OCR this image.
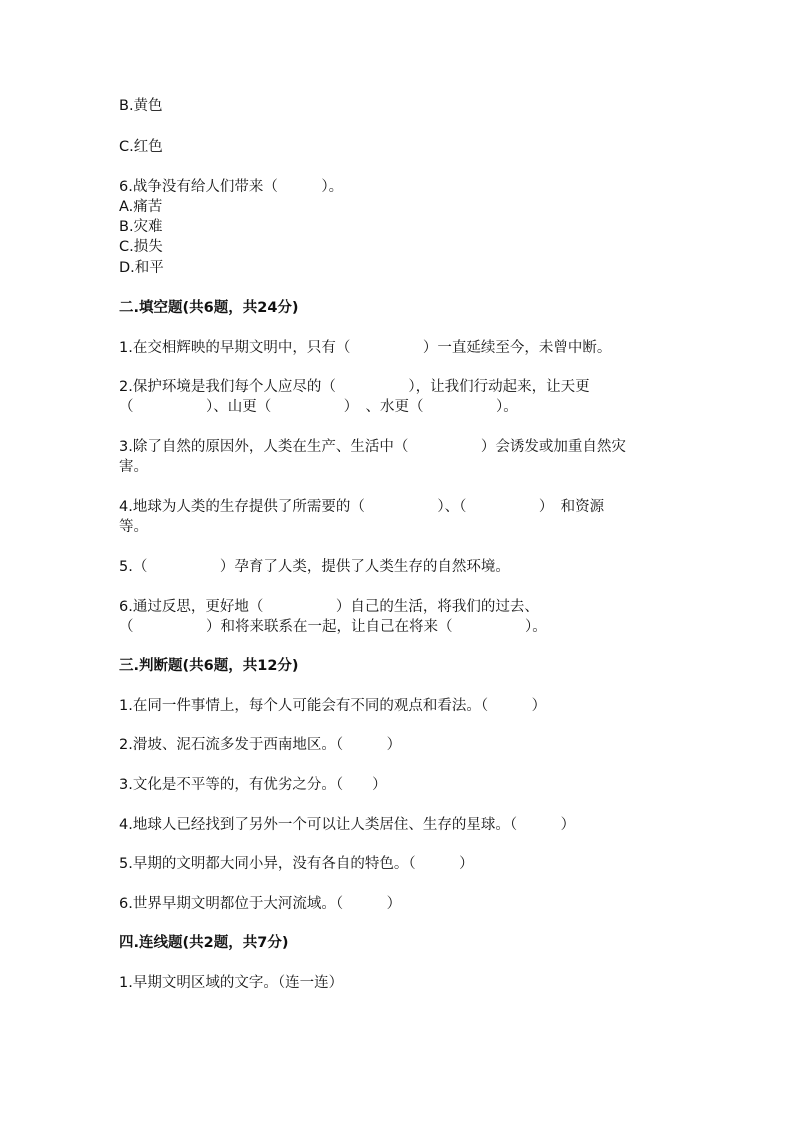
B.黄色
C.红色
6.战争没有给人们带来（　　　）。
A.痛苦
B.灾难
C.损失
D.和平
二.填空题(共6题，共24分)
1.在交相辉映的早期文明中，只有（　　　　　）一直延续至今，未曾中断。
2.保护环境是我们每个人应尽的（　　　　　），让我们行动起来，让天更
（　　　　　）、山更（　　　　　）　、水更（　　　　　）。
3.除了自然的原因外，人类在生产、生活中（　　　　　）会诱发或加重自然灾
害。
4.地球为人类的生存提供了所需要的（　　　　　）、（　　　　　）　和资源
等。
5.（　　　　　）孕育了人类，提供了人类生存的自然环境。
6.通过反思，更好地（　　　　　）自己的生活，将我们的过去、
（　　　　　）和将来联系在一起，让自己在将来（　　　　　）。
三.判断题(共6题，共12分)
1.在同一件事情上，每个人可能会有不同的观点和看法。（　　　）
2.滑坡、泥石流多发于西南地区。（　　　）
3.文化是不平等的，有优劣之分。（　　）
4.地球人已经找到了另外一个可以让人类居住、生存的星球。（　　　）
5.早期的文明都大同小异，没有各自的特色。（　　　）
6.世界早期文明都位于大河流域。（　　　）
四.连线题(共2题，共7分)
1.早期文明区域的文字。（连一连）
